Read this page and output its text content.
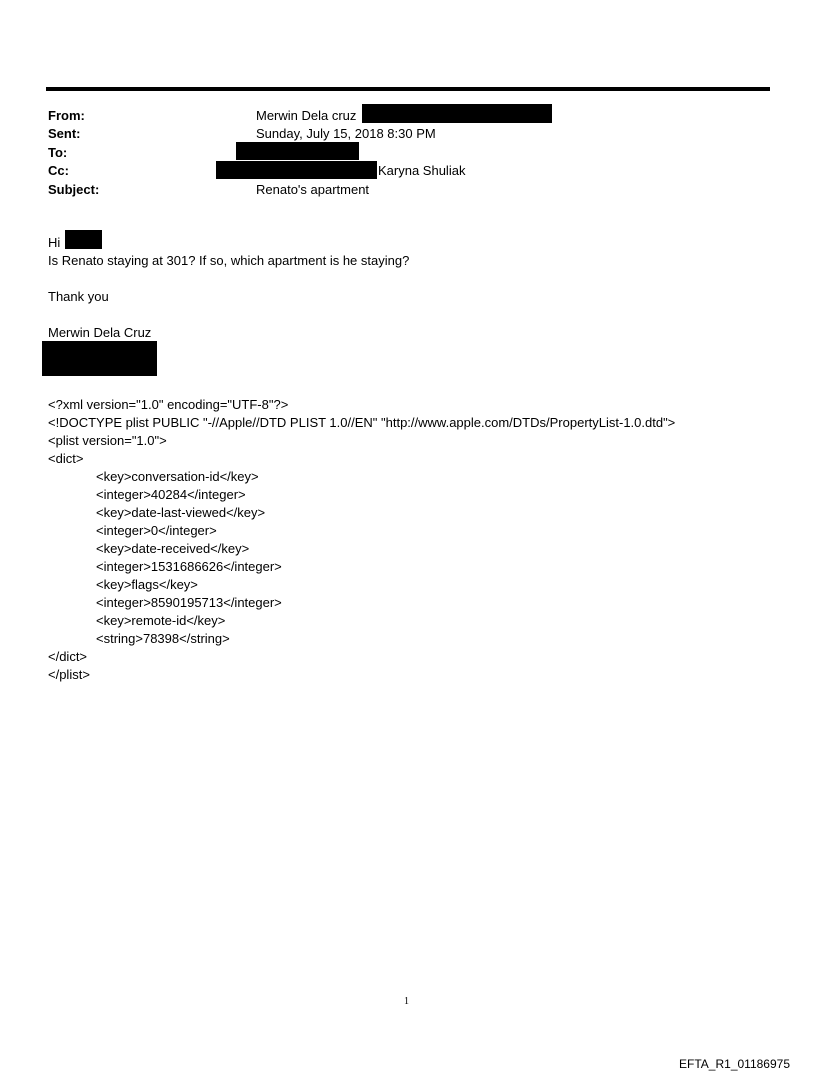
From:
Sent:
To:
Cc:
Subject:
Merwin Dela cruz
Sunday, July 15, 2018 8:30 PM
Karyna Shuliak
Renato's apartment
Hi
Is Renato staying at 301? If so, which apartment is he staying?
Thank you
Merwin Dela Cruz
<?xml version="1.0" encoding="UTF-8"?>
<!DOCTYPE plist PUBLIC "-//Apple//DTD PLIST 1.0//EN" "http://www.apple.com/DTDs/PropertyList-1.0.dtd">
<plist version="1.0">
<dict>
<key>conversation-id</key>
<integer>40284</integer>
<key>date-last-viewed</key>
<integer>0</integer>
<key>date-received</key>
<integer>1531686626</integer>
<key>flags</key>
<integer>8590195713</integer>
<key>remote-id</key>
<string>78398</string>
</dict>
</plist>
1
EFTA_R1_01186975
